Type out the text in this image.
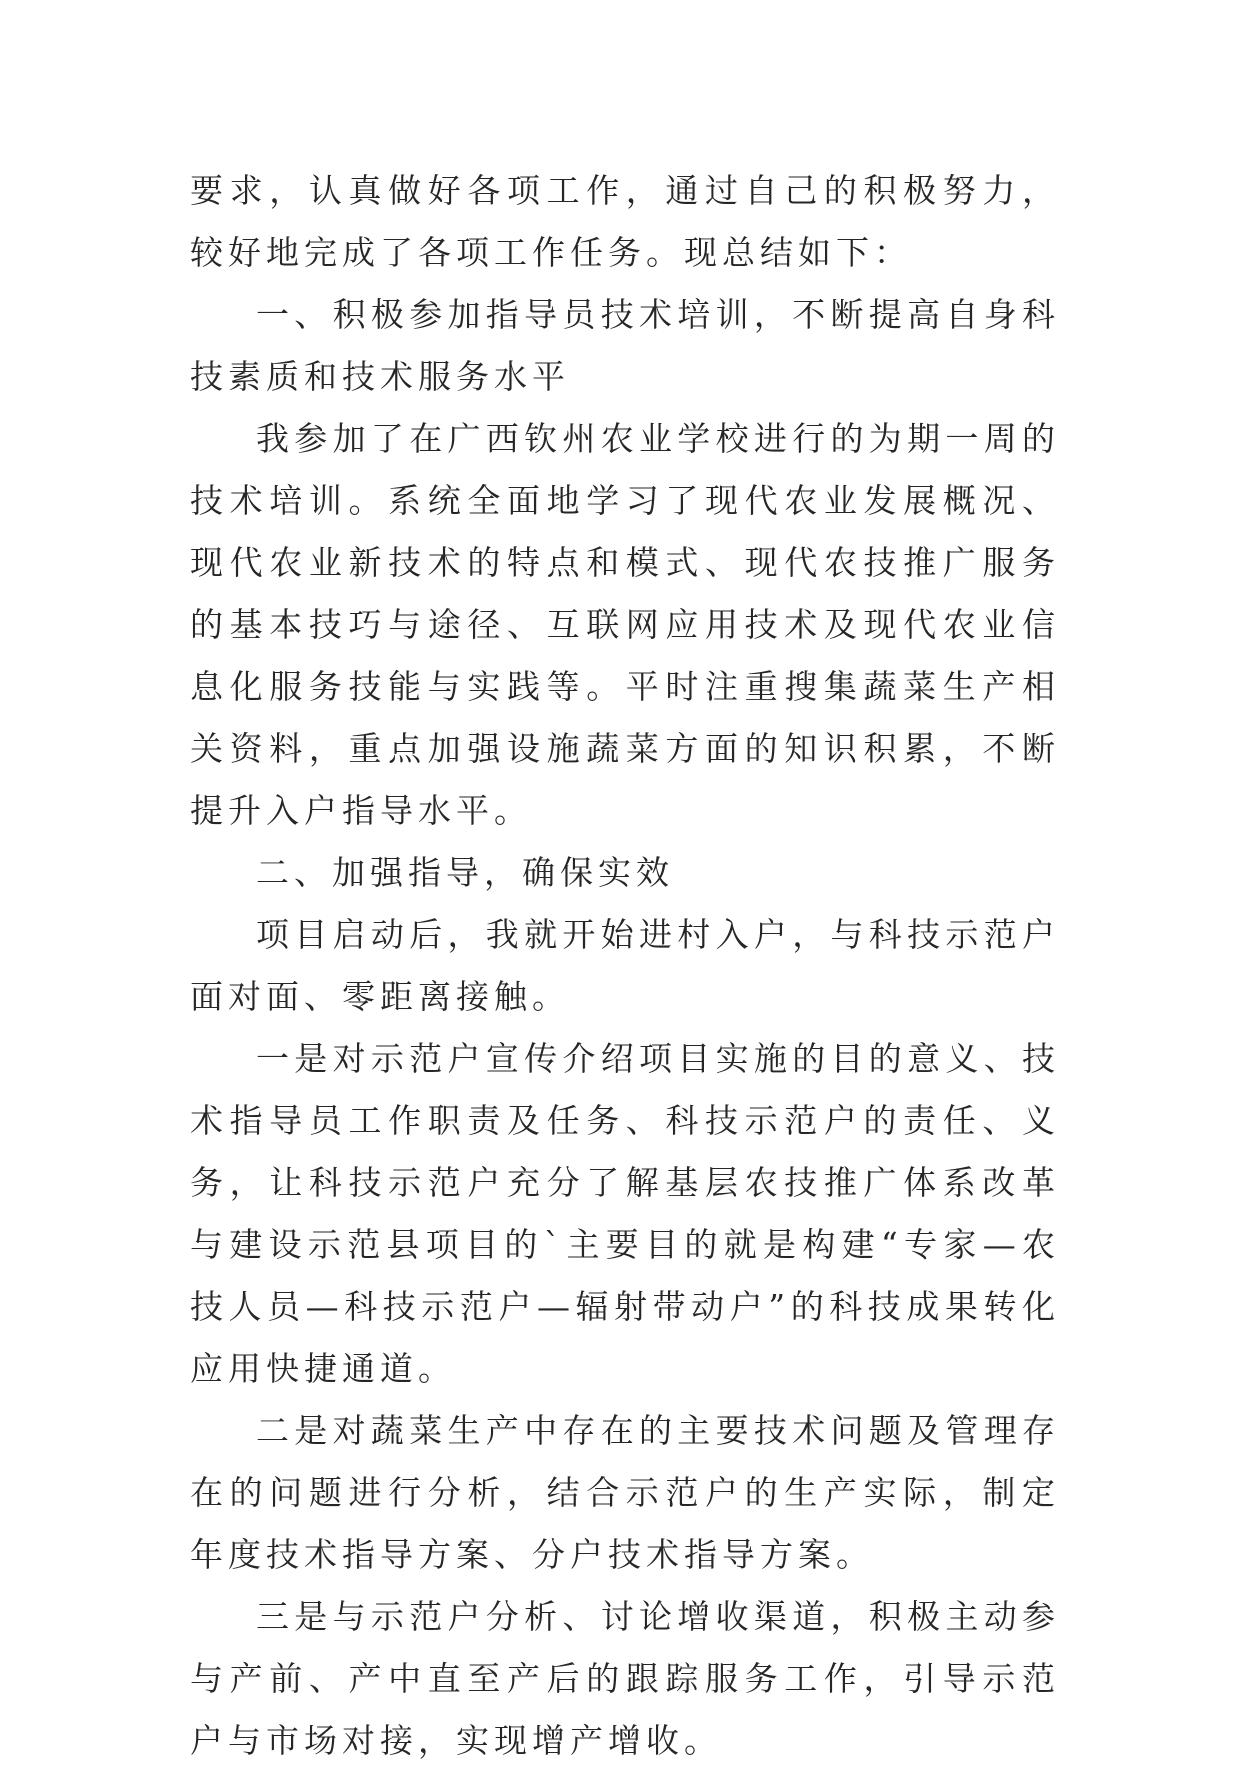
要求，认真做好各项工作，通过自己的积极努力，较好地完成了各项工作任务。现总结如下：

一、积极参加指导员技术培训，不断提高自身科技素质和技术服务水平

我参加了在广西钦州农业学校进行的为期一周的技术培训。系统全面地学习了现代农业发展概况、现代农业新技术的特点和模式、现代农技推广服务的基本技巧与途径、互联网应用技术及现代农业信息化服务技能与实践等。平时注重搜集蔬菜生产相关资料，重点加强设施蔬菜方面的知识积累，不断提升入户指导水平。

二、加强指导，确保实效

项目启动后，我就开始进村入户，与科技示范户面对面、零距离接触。

一是对示范户宣传介绍项目实施的目的意义、技术指导员工作职责及任务、科技示范户的责任、义务，让科技示范户充分了解基层农技推广体系改革与建设示范县项目的`主要目的就是构建“专家—农技人员—科技示范户—辐射带动户”的科技成果转化应用快捷通道。

二是对蔬菜生产中存在的主要技术问题及管理存在的问题进行分析，结合示范户的生产实际，制定年度技术指导方案、分户技术指导方案。

三是与示范户分析、讨论增收渠道，积极主动参与产前、产中直至产后的跟踪服务工作，引导示范户与市场对接，实现增产增收。
